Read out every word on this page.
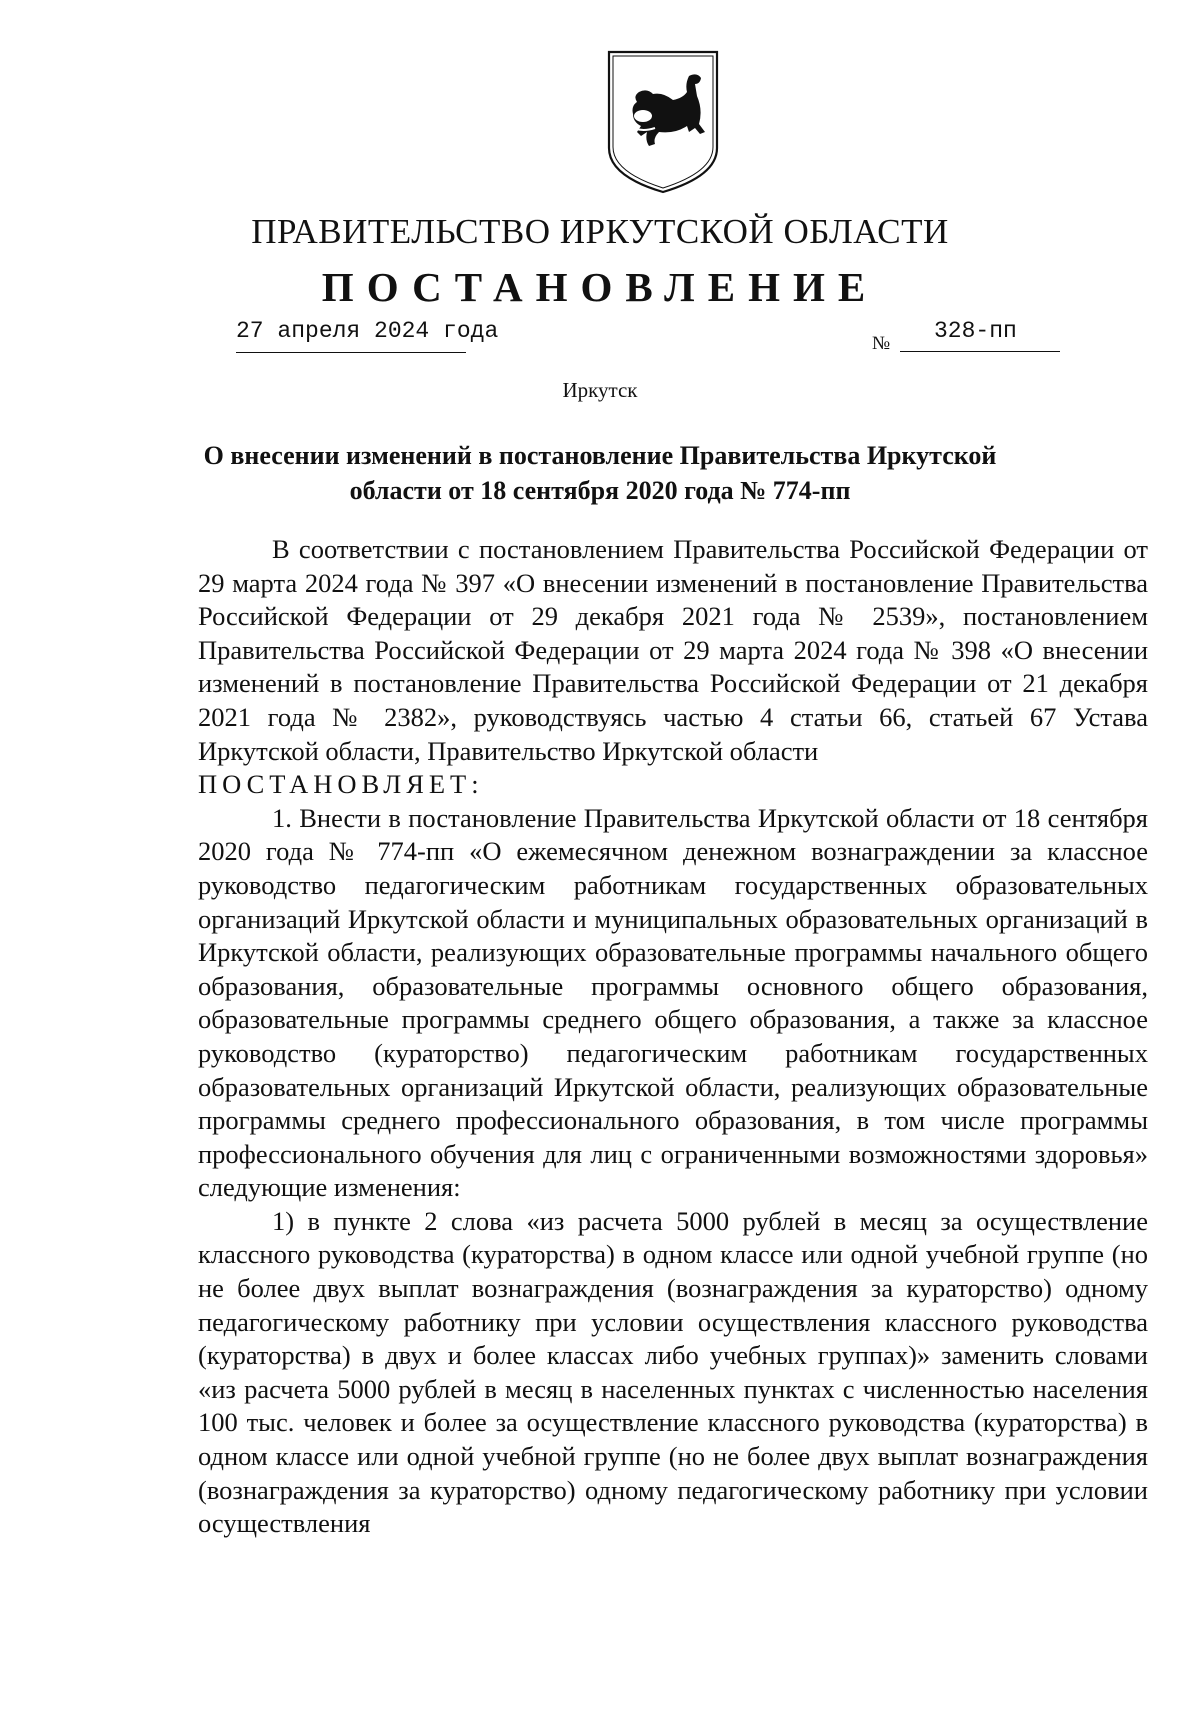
ПРАВИТЕЛЬСТВО ИРКУТСКОЙ ОБЛАСТИ
ПОСТАНОВЛЕНИЕ
27 апреля 2024 года	№	328-пп
Иркутск
О внесении изменений в постановление Правительства Иркутской
области от 18 сентября 2020 года № 774-пп

В соответствии с постановлением Правительства Российской Федерации от 29 марта 2024 года № 397 «О внесении изменений в постановление Правительства Российской Федерации от 29 декабря 2021 года № 2539», постановлением Правительства Российской Федерации от 29 марта 2024 года № 398 «О внесении изменений в постановление Правительства Российской Федерации от 21 декабря 2021 года № 2382», руководствуясь частью 4 статьи 66, статьей 67 Устава Иркутской области, Правительство Иркутской области

ПОСТАНОВЛЯЕТ:

1. Внести в постановление Правительства Иркутской области от 18 сентября 2020 года № 774-пп «О ежемесячном денежном вознаграждении за классное руководство педагогическим работникам государственных образовательных организаций Иркутской области и муниципальных образовательных организаций в Иркутской области, реализующих образовательные программы начального общего образования, образовательные программы основного общего образования, образовательные программы среднего общего образования, а также за классное руководство (кураторство) педагогическим работникам государственных образовательных организаций Иркутской области, реализующих образовательные программы среднего профессионального образования, в том числе программы профессионального обучения для лиц с ограниченными возможностями здоровья» следующие изменения:

1) в пункте 2 слова «из расчета 5000 рублей в месяц за осуществление классного руководства (кураторства) в одном классе или одной учебной группе (но не более двух выплат вознаграждения (вознаграждения за кураторство) одному педагогическому работнику при условии осуществления классного руководства (кураторства) в двух и более классах либо учебных группах)» заменить словами «из расчета 5000 рублей в месяц в населенных пунктах с численностью населения 100 тыс. человек и более за осуществление классного руководства (кураторства) в одном классе или одной учебной группе (но не более двух выплат вознаграждения (вознаграждения за кураторство) одному педагогическому работнику при условии осуществления
